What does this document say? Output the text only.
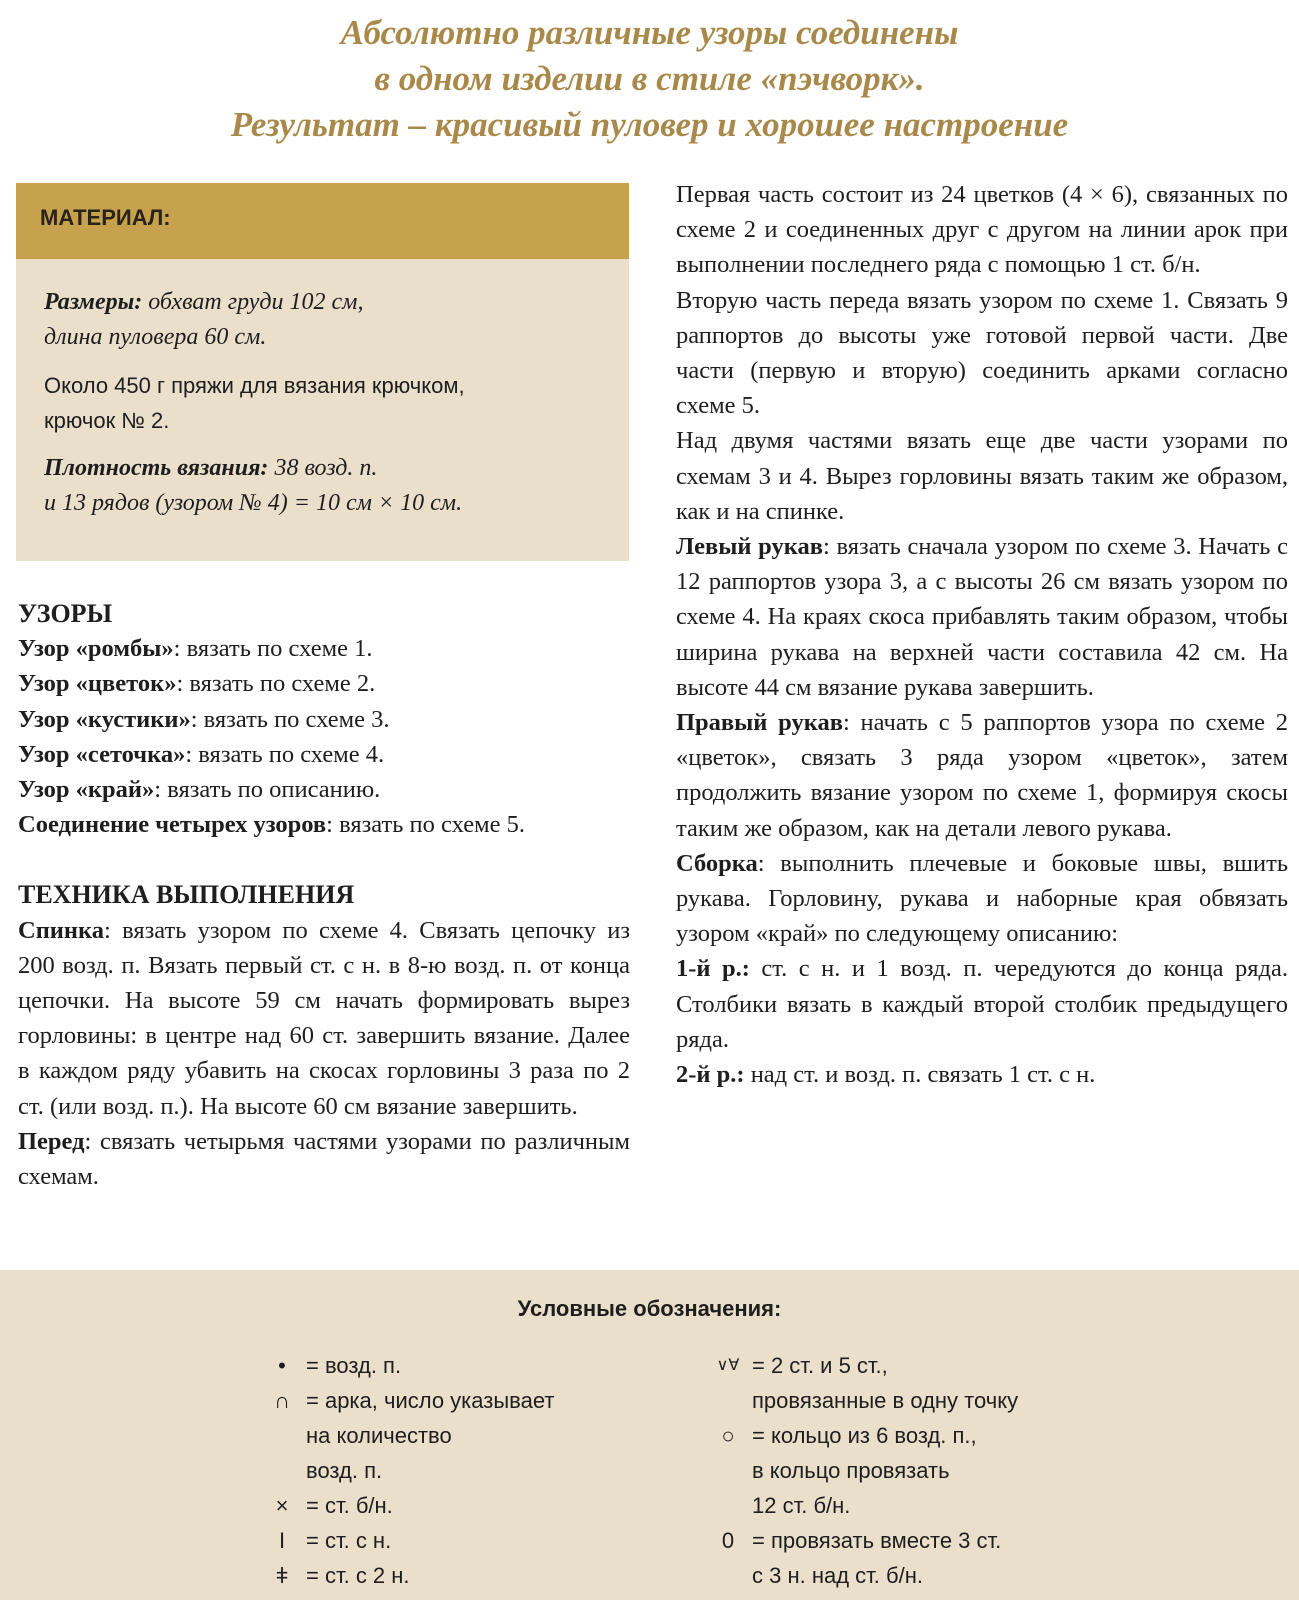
Абсолютно различные узоры соединены
в одном изделии в стиле «пэчворк».
Результат – красивый пуловер и хорошее настроение
МАТЕРИАЛ:

Размеры: обхват груди 102 см,
длина пуловера 60 см.

Около 450 г пряжи для вязания крючком,
крючок № 2.

Плотность вязания: 38 возд. п.
и 13 рядов (узором № 4) = 10 см × 10 см.

УЗОРЫ

Узор «ромбы»: вязать по схеме 1.

Узор «цветок»: вязать по схеме 2.

Узор «кустики»: вязать по схеме 3.

Узор «сеточка»: вязать по схеме 4.

Узор «край»: вязать по описанию.

Соединение четырех узоров: вязать по схеме 5.

ТЕХНИКА ВЫПОЛНЕНИЯ

Спинка: вязать узором по схеме 4. Связать цепочку из 200 возд. п. Вязать первый ст. с н. в 8-ю возд. п. от конца цепочки. На высоте 59 см начать формировать вырез горловины: в центре над 60 ст. завершить вязание. Далее в каждом ряду убавить на скосах горловины 3 раза по 2 ст. (или возд. п.). На высоте 60 см вязание завершить.

Перед: связать четырьмя частями узорами по различным схемам.

Первая часть состоит из 24 цветков (4 × 6), связанных по схеме 2 и соединенных друг с другом на линии арок при выполнении последнего ряда с помощью 1 ст. б/н.

Вторую часть переда вязать узором по схеме 1. Связать 9 раппортов до высоты уже готовой первой части. Две части (первую и вторую) соединить арками согласно схеме 5.

Над двумя частями вязать еще две части узорами по схемам 3 и 4. Вырез горловины вязать таким же образом, как и на спинке.

Левый рукав: вязать сначала узором по схеме 3. Начать с 12 раппортов узора 3, а с высоты 26 см вязать узором по схеме 4. На краях скоса прибавлять таким образом, чтобы ширина рукава на верхней части составила 42 см. На высоте 44 см вязание рукава завершить.

Правый рукав: начать с 5 раппортов узора по схеме 2 «цветок», связать 3 ряда узором «цветок», затем продолжить вязание узором по схеме 1, формируя скосы таким же образом, как на детали левого рукава.

Сборка: выполнить плечевые и боковые швы, вшить рукава. Горловину, рукава и наборные края обвязать узором «край» по следующему описанию:

1-й р.: ст. с н. и 1 возд. п. чередуются до конца ряда. Столбики вязать в каждый второй столбик предыдущего ряда.

2-й р.: над ст. и возд. п. связать 1 ст. с н.

Условные обозначения:
• = возд. п.
∩ = арка, число указывает
на количество
возд. п.
× = ст. б/н.
I = ст. с н.
ǂ = ст. с 2 н.
∨∀ = 2 ст. и 5 ст.,
провязанные в одну точку
○ = кольцо из 6 возд. п.,
в кольцо провязать
12 ст. б/н.
0 = провязать вместе 3 ст.
с 3 н. над ст. б/н.
